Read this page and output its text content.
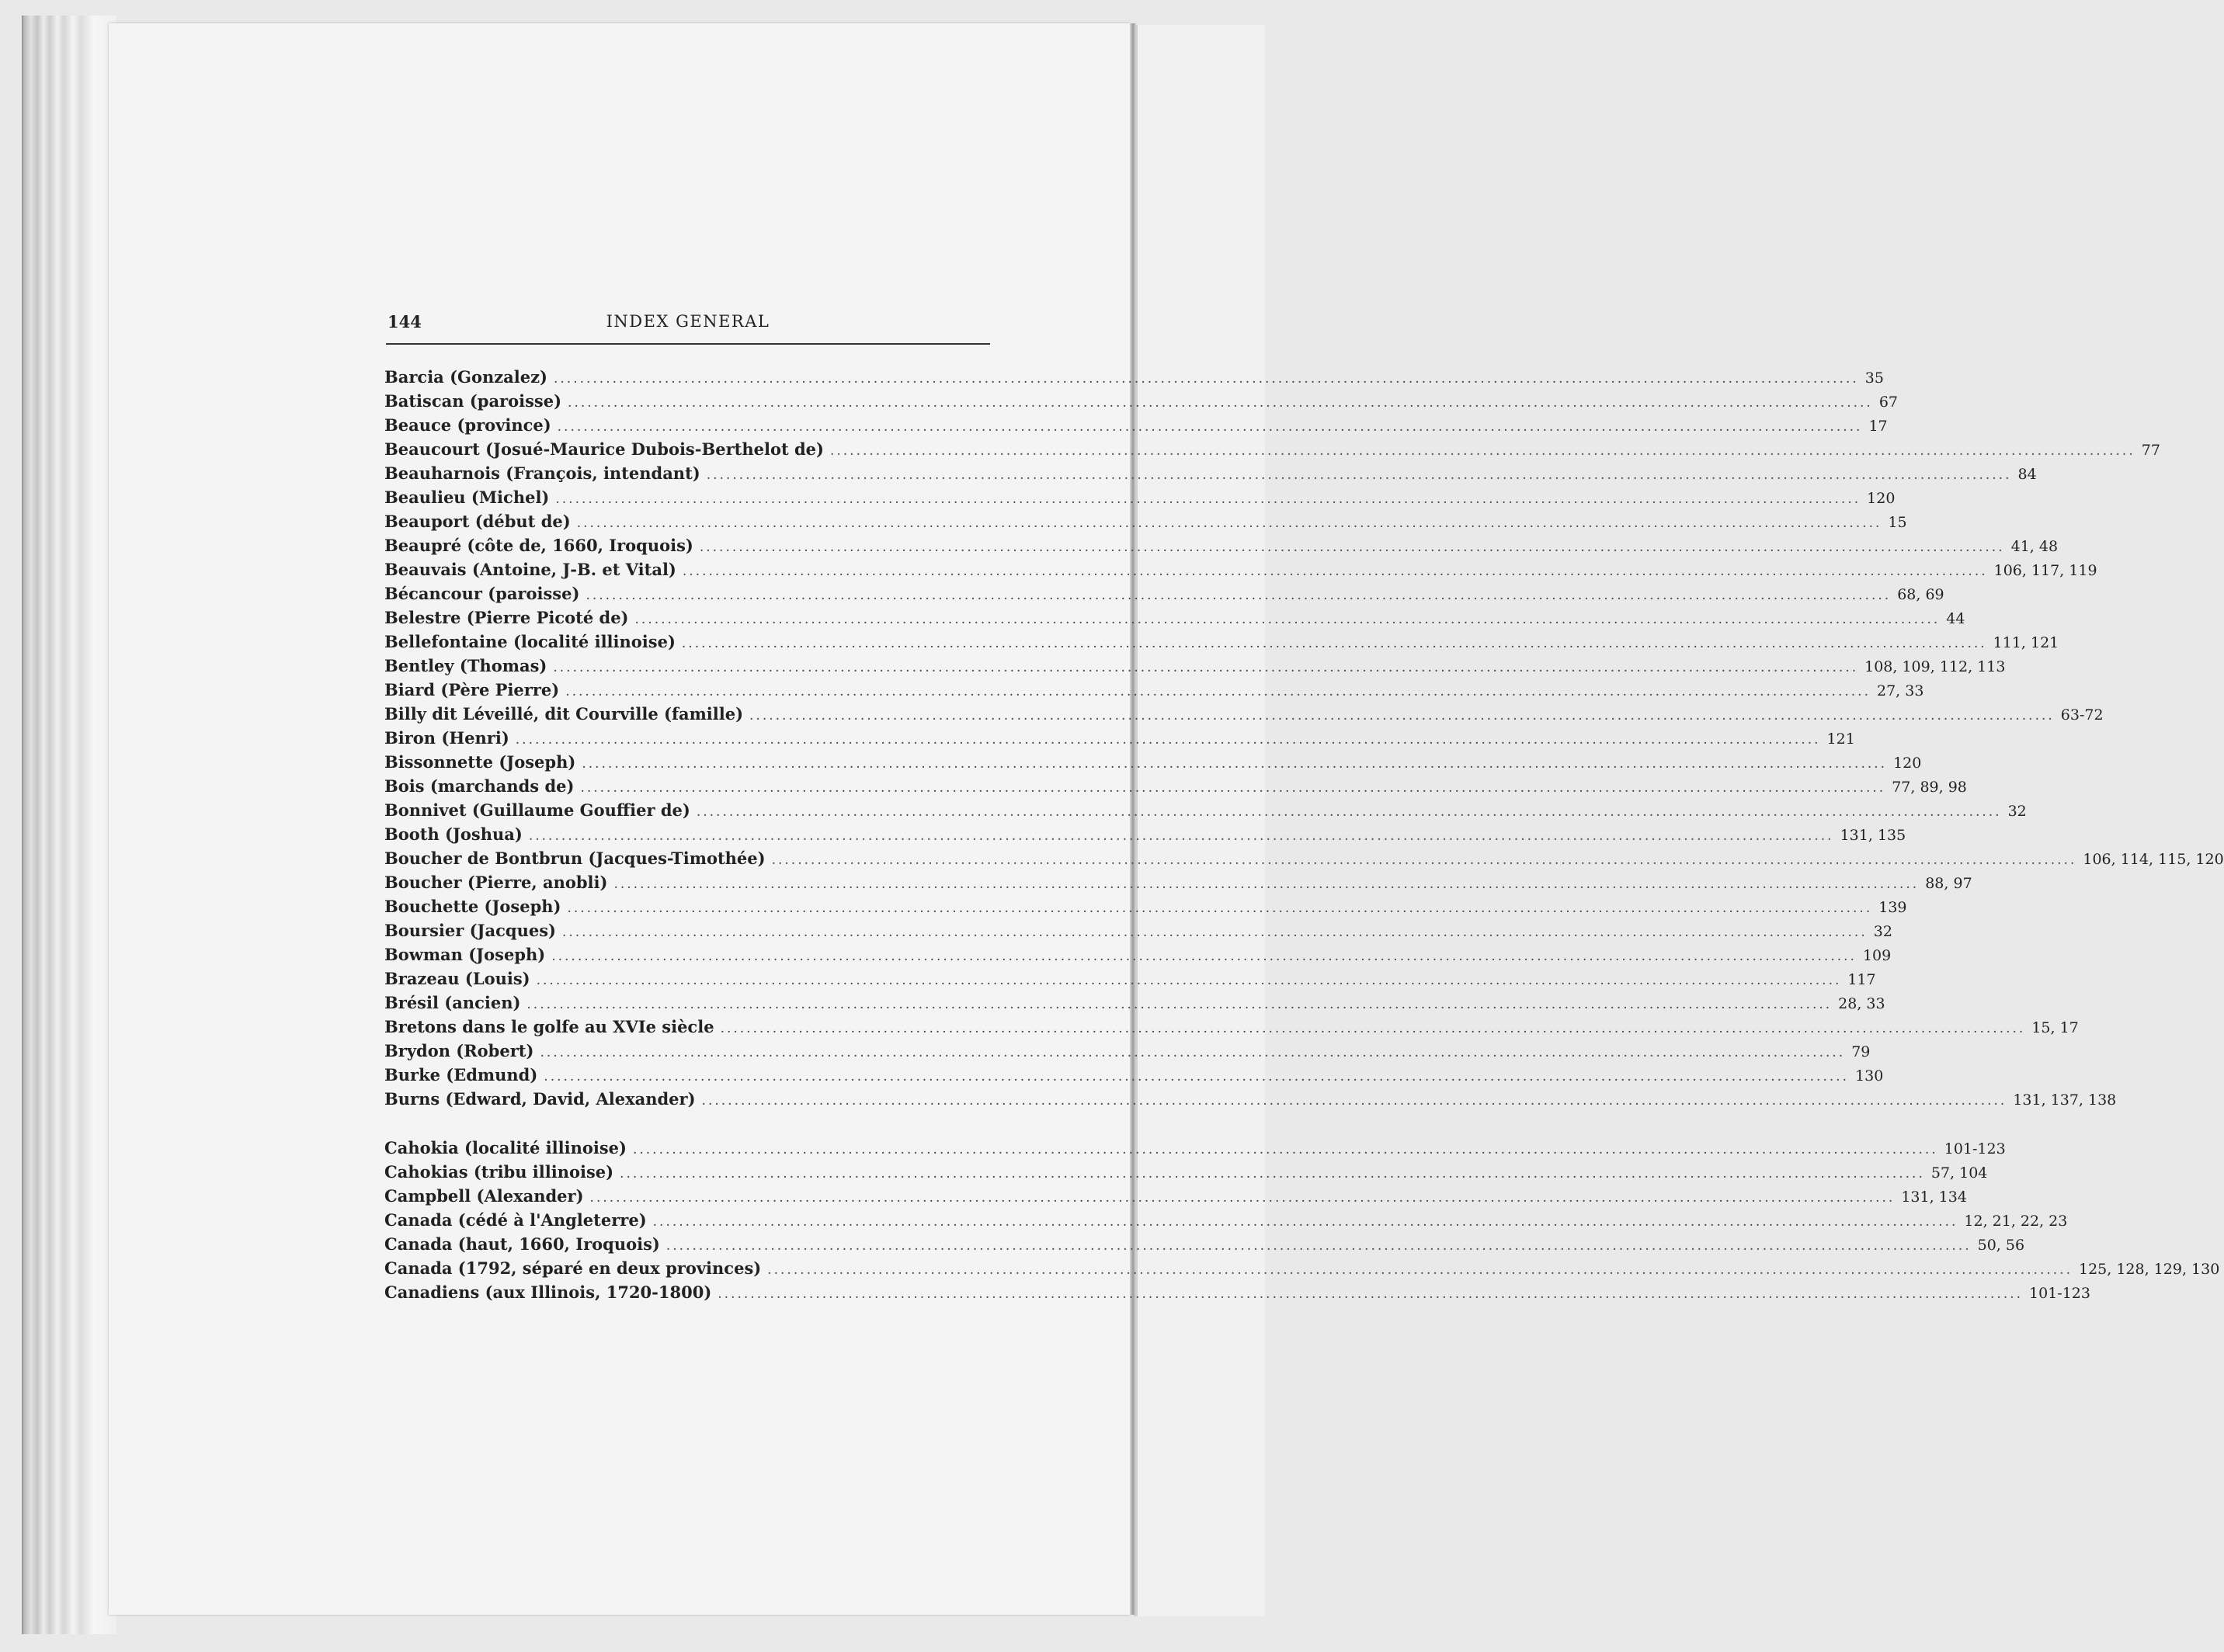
144	INDEX GENERAL
Barcia (Gonzalez) ........................................................................................................................................................................................................ 35
Batiscan (paroisse) ........................................................................................................................................................................................................ 67
Beauce (province) ........................................................................................................................................................................................................ 17
Beaucourt (Josué-Maurice Dubois-Berthelot de) ........................................................................................................................................................................................................ 77
Beauharnois (François, intendant) ........................................................................................................................................................................................................ 84
Beaulieu (Michel) ........................................................................................................................................................................................................ 120
Beauport (début de) ........................................................................................................................................................................................................ 15
Beaupré (côte de, 1660, Iroquois) ........................................................................................................................................................................................................ 41, 48
Beauvais (Antoine, J-B. et Vital) ........................................................................................................................................................................................................ 106, 117, 119
Bécancour (paroisse) ........................................................................................................................................................................................................ 68, 69
Belestre (Pierre Picoté de) ........................................................................................................................................................................................................ 44
Bellefontaine (localité illinoise) ........................................................................................................................................................................................................ 111, 121
Bentley (Thomas) ........................................................................................................................................................................................................ 108, 109, 112, 113
Biard (Père Pierre) ........................................................................................................................................................................................................ 27, 33
Billy dit Léveillé, dit Courville (famille) ........................................................................................................................................................................................................ 63-72
Biron (Henri) ........................................................................................................................................................................................................ 121
Bissonnette (Joseph) ........................................................................................................................................................................................................ 120
Bois (marchands de) ........................................................................................................................................................................................................ 77, 89, 98
Bonnivet (Guillaume Gouffier de) ........................................................................................................................................................................................................ 32
Booth (Joshua) ........................................................................................................................................................................................................ 131, 135
Boucher de Bontbrun (Jacques-Timothée) ........................................................................................................................................................................................................ 106, 114, 115, 120
Boucher (Pierre, anobli) ........................................................................................................................................................................................................ 88, 97
Bouchette (Joseph) ........................................................................................................................................................................................................ 139
Boursier (Jacques) ........................................................................................................................................................................................................ 32
Bowman (Joseph) ........................................................................................................................................................................................................ 109
Brazeau (Louis) ........................................................................................................................................................................................................ 117
Brésil (ancien) ........................................................................................................................................................................................................ 28, 33
Bretons dans le golfe au XVIe siècle ........................................................................................................................................................................................................ 15, 17
Brydon (Robert) ........................................................................................................................................................................................................ 79
Burke (Edmund) ........................................................................................................................................................................................................ 130
Burns (Edward, David, Alexander) ........................................................................................................................................................................................................ 131, 137, 138
Cahokia (localité illinoise) ........................................................................................................................................................................................................ 101-123
Cahokias (tribu illinoise) ........................................................................................................................................................................................................ 57, 104
Campbell (Alexander) ........................................................................................................................................................................................................ 131, 134
Canada (cédé à l'Angleterre) ........................................................................................................................................................................................................ 12, 21, 22, 23
Canada (haut, 1660, Iroquois) ........................................................................................................................................................................................................ 50, 56
Canada (1792, séparé en deux provinces) ........................................................................................................................................................................................................ 125, 128, 129, 130
Canadiens (aux Illinois, 1720-1800) ........................................................................................................................................................................................................ 101-123
